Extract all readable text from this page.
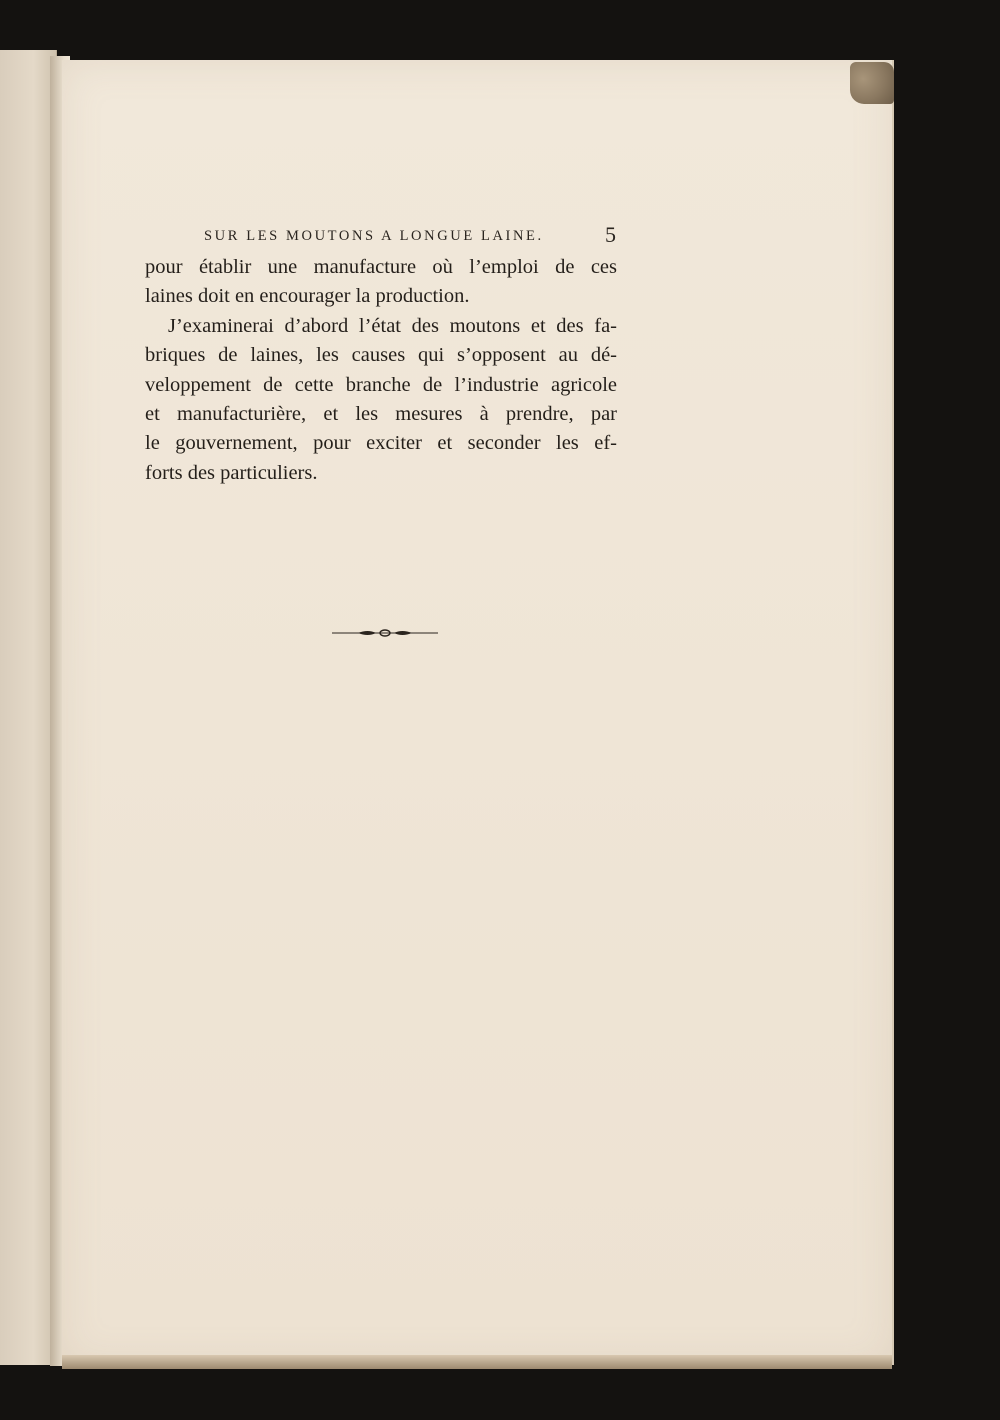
SUR LES MOUTONS A LONGUE LAINE.	5
pour établir une manufacture où l’emploi de ces
laines doit en encourager la production.
J’examinerai d’abord l’état des moutons et des fa-
briques de laines, les causes qui s’opposent au dé-
veloppement de cette branche de l’industrie agricole
et manufacturière, et les mesures à prendre, par
le gouvernement, pour exciter et seconder les ef-
forts des particuliers.
